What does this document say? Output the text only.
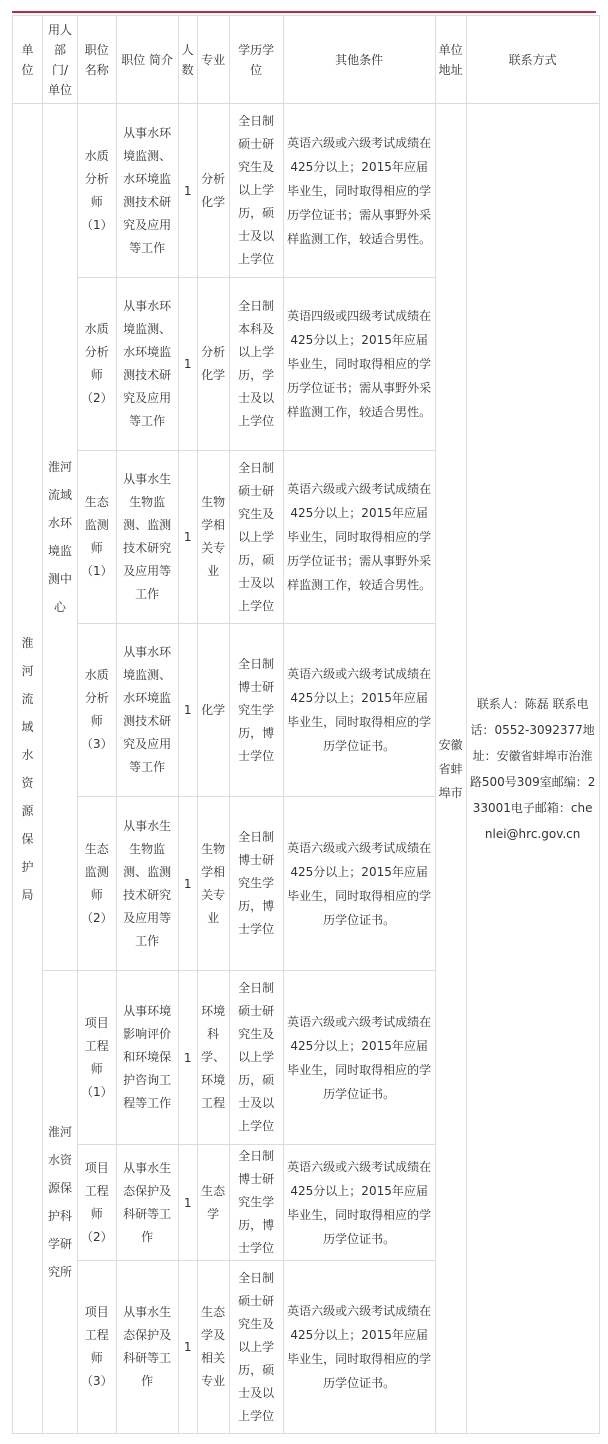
单位	用人部门/单位	职位名称	职位 简介	人数	专业	学历学位	其他条件	单位地址	联系方式
淮河流域水资源保护局	淮河流域水环境监测中心	水质分析师（1）	从事水环境监测、水环境监测技术研究及应用等工作	1	分析化学	全日制硕士研究生及以上学历，硕士及以上学位	英语六级或六级考试成绩在425分以上；2015年应届毕业生，同时取得相应的学历学位证书；需从事野外采样监测工作，较适合男性。	安徽省蚌埠市	联系人：陈磊 联系电话：0552-3092377地址：安徽省蚌埠市治淮路500号309室邮编：233001电子邮箱：chenlei@hrc.gov.cn
		水质分析师（2）	从事水环境监测、水环境监测技术研究及应用等工作	1	分析化学	全日制本科及以上学历，学士及以上学位	英语四级或四级考试成绩在425分以上；2015年应届毕业生，同时取得相应的学历学位证书；需从事野外采样监测工作，较适合男性。		
		生态监测师（1）	从事水生生物监测、监测技术研究及应用等工作	1	生物学相关专业	全日制硕士研究生及以上学历，硕士及以上学位	英语六级或六级考试成绩在425分以上；2015年应届毕业生，同时取得相应的学历学位证书；需从事野外采样监测工作，较适合男性。		
		水质分析师（3）	从事水环境监测、水环境监测技术研究及应用等工作	1	化学	全日制博士研究生学历，博士学位	英语六级或六级考试成绩在425分以上；2015年应届毕业生，同时取得相应的学历学位证书。		
		生态监测师（2）	从事水生生物监测、监测技术研究及应用等工作	1	生物学相关专业	全日制博士研究生学历，博士学位	英语六级或六级考试成绩在425分以上；2015年应届毕业生，同时取得相应的学历学位证书。		
	淮河水资源保护科学研究所	项目工程师（1）	从事环境影响评价和环境保护咨询工程等工作	1	环境科学、环境工程	全日制硕士研究生及以上学历，硕士及以上学位	英语六级或六级考试成绩在425分以上；2015年应届毕业生，同时取得相应的学历学位证书。		
		项目工程师（2）	从事水生态保护及科研等工作	1	生态学	全日制博士研究生学历，博士学位	英语六级或六级考试成绩在425分以上；2015年应届毕业生，同时取得相应的学历学位证书。		
		项目工程师（3）	从事水生态保护及科研等工作	1	生态学及相关专业	全日制硕士研究生及以上学历，硕士及以上学位	英语六级或六级考试成绩在425分以上；2015年应届毕业生，同时取得相应的学历学位证书。		
